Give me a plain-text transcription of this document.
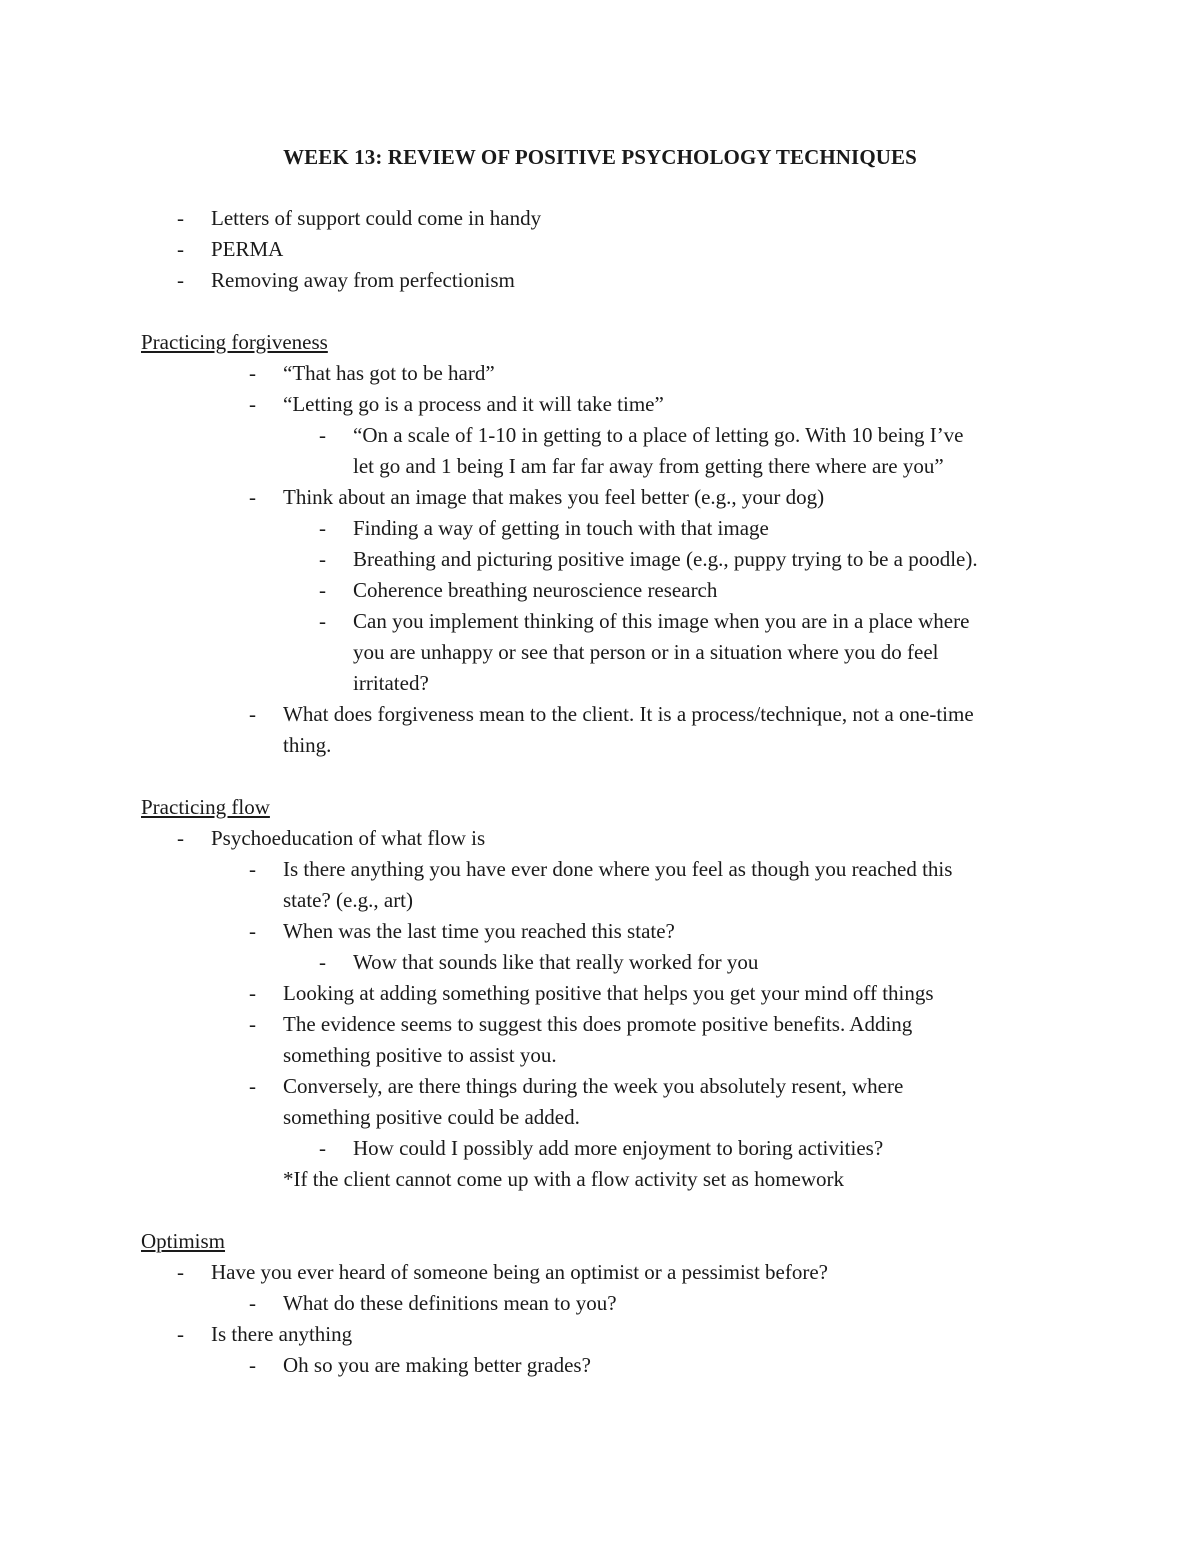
WEEK 13: REVIEW OF POSITIVE PSYCHOLOGY TECHNIQUES
- Letters of support could come in handy
- PERMA
- Removing away from perfectionism
Practicing forgiveness
- “That has got to be hard”
- “Letting go is a process and it will take time”
- “On a scale of 1-10 in getting to a place of letting go. With 10 being I’ve
let go and 1 being I am far far away from getting there where are you”
- Think about an image that makes you feel better (e.g., your dog)
- Finding a way of getting in touch with that image
- Breathing and picturing positive image (e.g., puppy trying to be a poodle).
- Coherence breathing neuroscience research
- Can you implement thinking of this image when you are in a place where
you are unhappy or see that person or in a situation where you do feel
irritated?
- What does forgiveness mean to the client. It is a process/technique, not a one-time
thing.
Practicing flow
- Psychoeducation of what flow is
- Is there anything you have ever done where you feel as though you reached this
state? (e.g., art)
- When was the last time you reached this state?
- Wow that sounds like that really worked for you
- Looking at adding something positive that helps you get your mind off things
- The evidence seems to suggest this does promote positive benefits. Adding
something positive to assist you.
- Conversely, are there things during the week you absolutely resent, where
something positive could be added.
- How could I possibly add more enjoyment to boring activities?
*If the client cannot come up with a flow activity set as homework
Optimism
- Have you ever heard of someone being an optimist or a pessimist before?
- What do these definitions mean to you?
- Is there anything
- Oh so you are making better grades?
